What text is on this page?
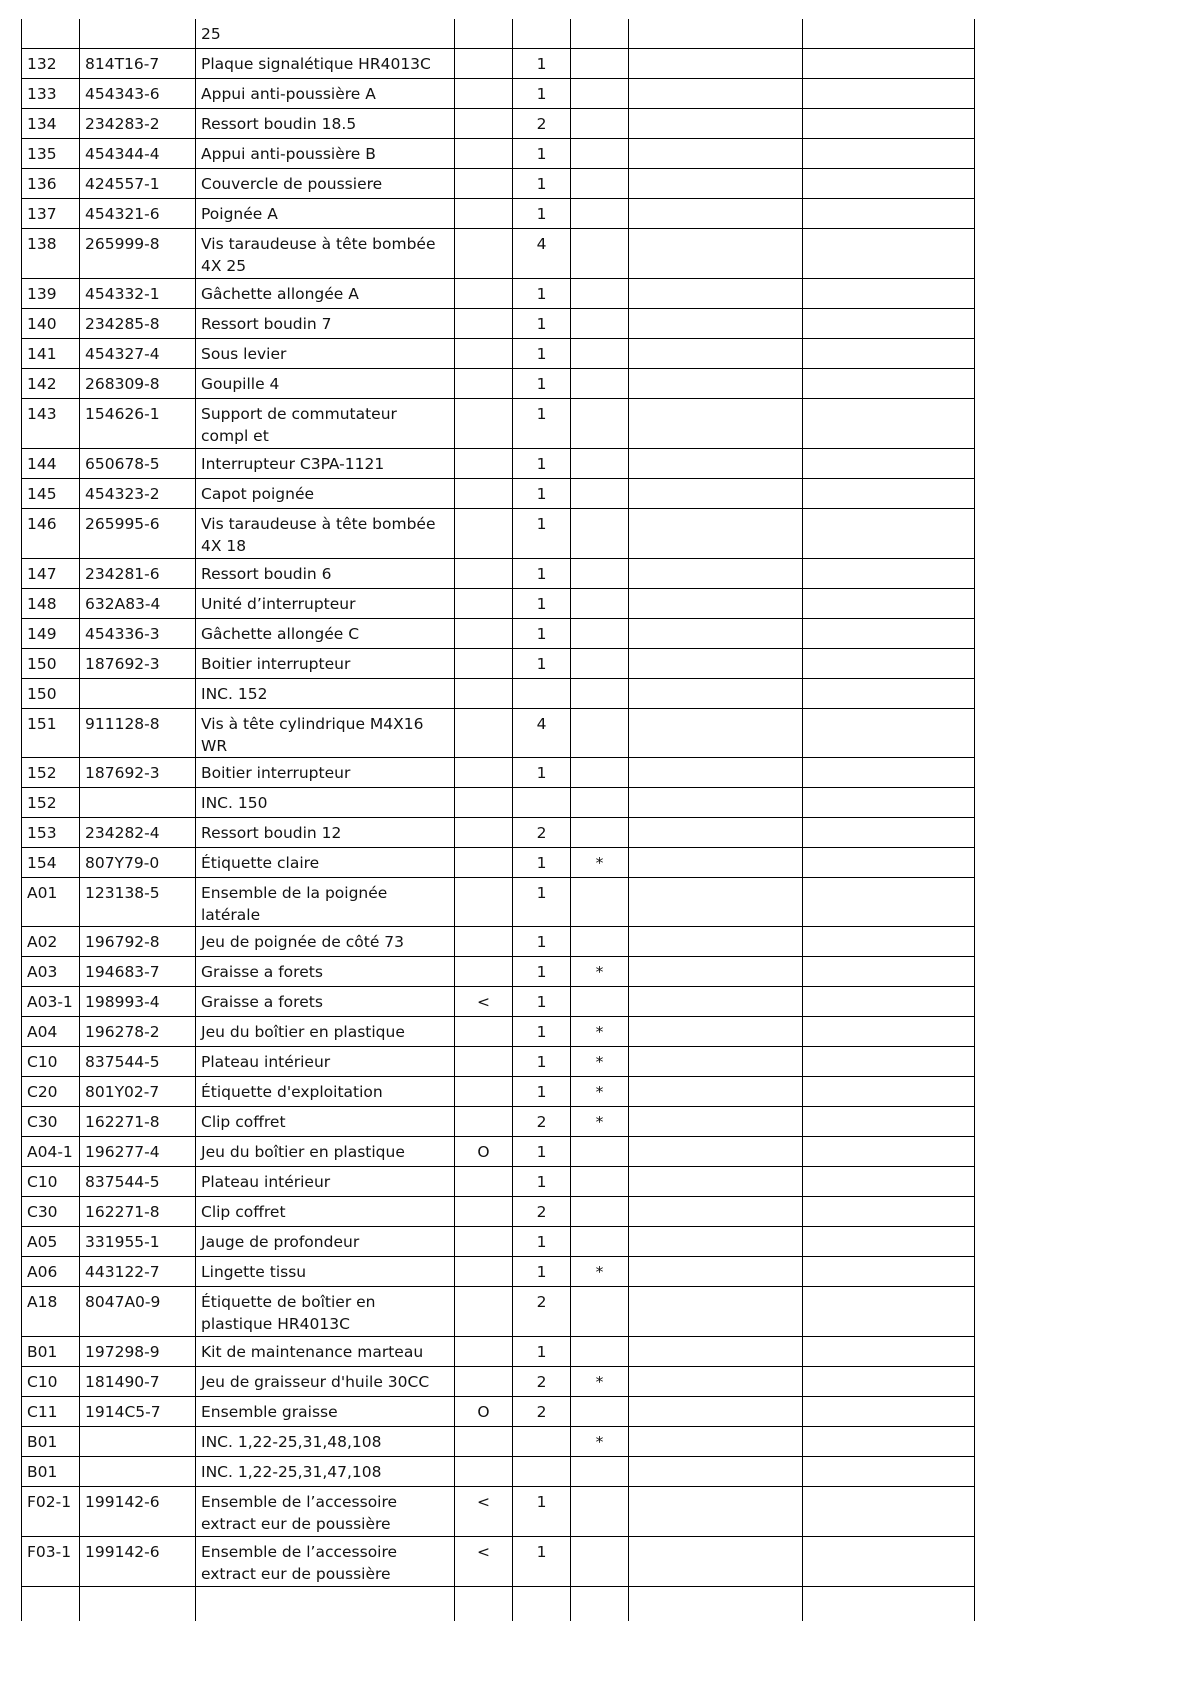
		25					
132	814T16-7	Plaque signalétique HR4013C		1			
133	454343-6	Appui anti-poussière A		1			
134	234283-2	Ressort boudin 18.5		2			
135	454344-4	Appui anti-poussière B		1			
136	424557-1	Couvercle de poussiere		1			
137	454321-6	Poignée A		1			
138	265999-8	Vis taraudeuse à tête bombée 4X 25		4			
139	454332-1	Gâchette allongée A		1			
140	234285-8	Ressort boudin 7		1			
141	454327-4	Sous levier		1			
142	268309-8	Goupille 4		1			
143	154626-1	Support de commutateur compl et		1			
144	650678-5	Interrupteur C3PA-1121		1			
145	454323-2	Capot poignée		1			
146	265995-6	Vis taraudeuse à tête bombée 4X 18		1			
147	234281-6	Ressort boudin 6		1			
148	632A83-4	Unité d’interrupteur		1			
149	454336-3	Gâchette allongée C		1			
150	187692-3	Boitier interrupteur		1			
150		INC. 152					
151	911128-8	Vis à tête cylindrique M4X16 WR		4			
152	187692-3	Boitier interrupteur		1			
152		INC. 150					
153	234282-4	Ressort boudin 12		2			
154	807Y79-0	Étiquette claire		1	*		
A01	123138-5	Ensemble de la poignée latérale		1			
A02	196792-8	Jeu de poignée de côté 73		1			
A03	194683-7	Graisse a forets		1	*		
A03-1	198993-4	Graisse a forets	<	1			
A04	196278-2	Jeu du boîtier en plastique		1	*		
C10	837544-5	Plateau intérieur		1	*		
C20	801Y02-7	Étiquette d'exploitation		1	*		
C30	162271-8	Clip coffret		2	*		
A04-1	196277-4	Jeu du boîtier en plastique	O	1			
C10	837544-5	Plateau intérieur		1			
C30	162271-8	Clip coffret		2			
A05	331955-1	Jauge de profondeur		1			
A06	443122-7	Lingette tissu		1	*		
A18	8047A0-9	Étiquette de boîtier en plastique HR4013C		2			
B01	197298-9	Kit de maintenance marteau		1			
C10	181490-7	Jeu de graisseur d'huile 30CC		2	*		
C11	1914C5-7	Ensemble graisse	O	2			
B01		INC. 1,22-25,31,48,108			*		
B01		INC. 1,22-25,31,47,108					
F02-1	199142-6	Ensemble de l’accessoire extract eur de poussière	<	1			
F03-1	199142-6	Ensemble de l’accessoire extract eur de poussière	<	1			
